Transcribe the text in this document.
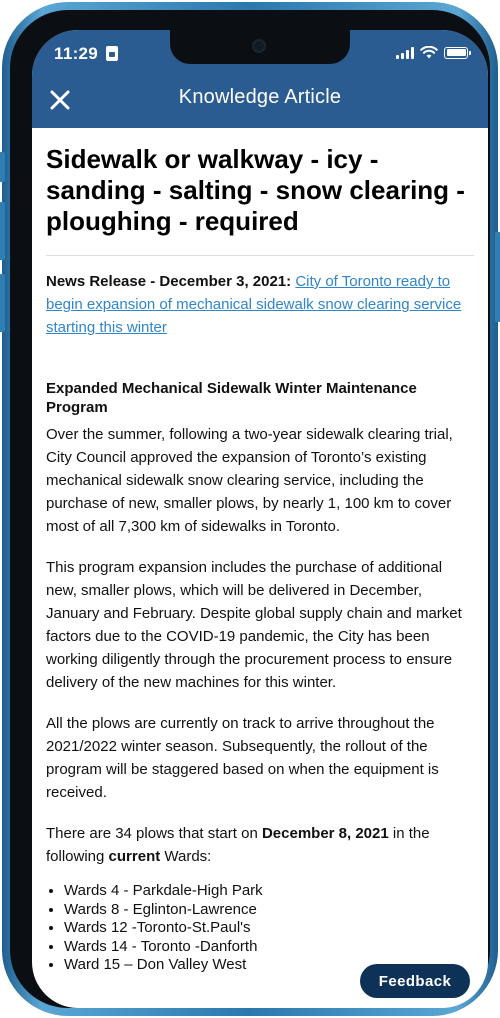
11:29
Knowledge Article
Sidewalk or walkway - icy - sanding - salting - snow clearing - ploughing - required
News Release - December 3, 2021: City of Toronto ready to begin expansion of mechanical sidewalk snow clearing service starting this winter
Expanded Mechanical Sidewalk Winter Maintenance Program

Over the summer, following a two-year sidewalk clearing trial, City Council approved the expansion of Toronto’s existing mechanical sidewalk snow clearing service, including the purchase of new, smaller plows, by nearly 1, 100 km to cover most of all 7,300 km of sidewalks in Toronto.

This program expansion includes the purchase of additional new, smaller plows, which will be delivered in December, January and February. Despite global supply chain and market factors due to the COVID-19 pandemic, the City has been working diligently through the procurement process to ensure delivery of the new machines for this winter.

All the plows are currently on track to arrive throughout the 2021/2022 winter season. Subsequently, the rollout of the program will be staggered based on when the equipment is received.

There are 34 plows that start on December 8, 2021 in the following current Wards:

• Wards 4 - Parkdale-High Park
• Wards 8 - Eglinton-Lawrence
• Wards 12 -Toronto-St.Paul's
• Wards 14 - Toronto -Danforth
• Ward 15 – Don Valley West
Feedback
